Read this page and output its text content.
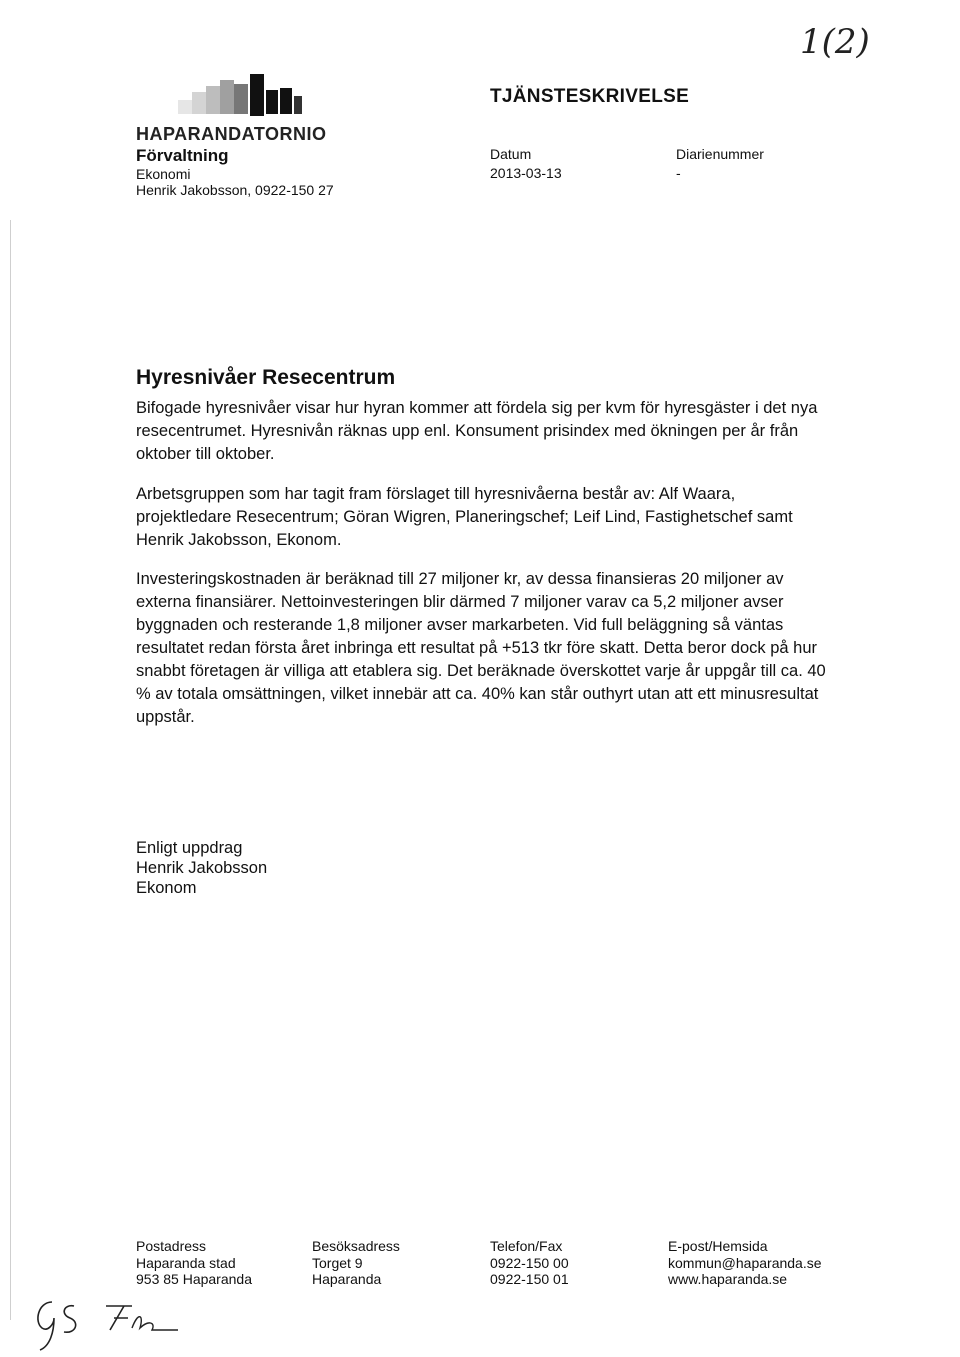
1(2)
HAPARANDATORNIO
Förvaltning
Ekonomi
Henrik Jakobsson, 0922-150 27
TJÄNSTESKRIVELSE
Datum
2013-03-13
Diarienummer
-
Hyresnivåer Resecentrum
Bifogade hyresnivåer visar hur hyran kommer att fördela sig per kvm för hyresgäster i det nya resecentrumet. Hyresnivån räknas upp enl. Konsument prisindex med ökningen per år från oktober till oktober.
Arbetsgruppen som har tagit fram förslaget till hyresnivåerna består av: Alf Waara, projektledare Resecentrum; Göran Wigren, Planeringschef; Leif Lind, Fastighetschef samt Henrik Jakobsson, Ekonom.
Investeringskostnaden är beräknad till 27 miljoner kr, av dessa finansieras 20 miljoner av externa finansiärer. Nettoinvesteringen blir därmed 7 miljoner varav ca 5,2 miljoner avser byggnaden och resterande 1,8 miljoner avser markarbeten. Vid full beläggning så väntas resultatet redan första året inbringa ett resultat på +513 tkr före skatt. Detta beror dock på hur snabbt företagen är villiga att etablera sig. Det beräknade överskottet varje år uppgår till ca. 40 % av totala omsättningen, vilket innebär att ca. 40% kan står outhyrt utan att ett minusresultat uppstår.
Enligt uppdrag
Henrik Jakobsson
Ekonom
Postadress
Haparanda stad
953 85 Haparanda
Besöksadress
Torget 9
Haparanda
Telefon/Fax
0922-150 00
0922-150 01
E-post/Hemsida
kommun@haparanda.se
www.haparanda.se
